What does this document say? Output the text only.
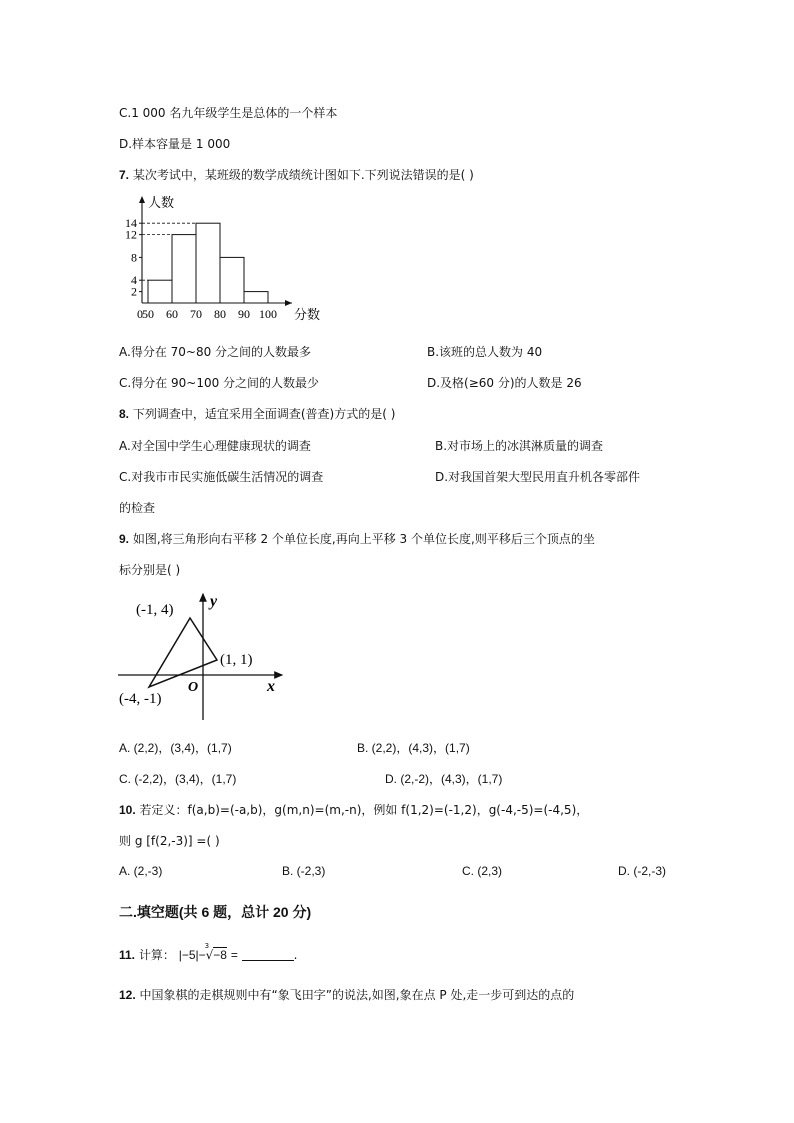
C.1 000 名九年级学生是总体的一个样本
D.样本容量是 1 000
7. 某次考试中，某班级的数学成绩统计图如下.下列说法错误的是( )
2
4
8
12
14
0 50 60 70 80 90 100
人数
分数
A.得分在 70~80 分之间的人数最多	B.该班的总人数为 40
C.得分在 90~100 分之间的人数最少	D.及格(≥60 分)的人数是 26
8. 下列调查中，适宜采用全面调查(普查)方式的是( )
A.对全国中学生心理健康现状的调查	B.对市场上的冰淇淋质量的调查
C.对我市市民实施低碳生活情况的调查	D.对我国首架大型民用直升机各零部件
的检查
9. 如图,将三角形向右平移 2 个单位长度,再向上平移 3 个单位长度,则平移后三个顶点的坐
标分别是( )
(-1, 4)
(1, 1)
(-4, -1)
O	x
y
A. (2,2)，(3,4)，(1,7)	B. (2,2)，(4,3)，(1,7)
C. (-2,2)，(3,4)，(1,7)	D. (2,-2)，(4,3)，(1,7)
10. 若定义：f(a,b)=(-a,b)，g(m,n)=(m,-n)，例如 f(1,2)=(-1,2)，g(-4,-5)=(-4,5)，
则 g [f(2,-3)] =( )
A. (2,-3)	B. (-2,3)	C. (2,3)	D. (-2,-3)
二.填空题(共 6 题，总计 20 分)
11. 计算： |−5|−
3
√−8 =	.
12. 中国象棋的走棋规则中有“象飞田字”的说法,如图,象在点 P 处,走一步可到达的点的
